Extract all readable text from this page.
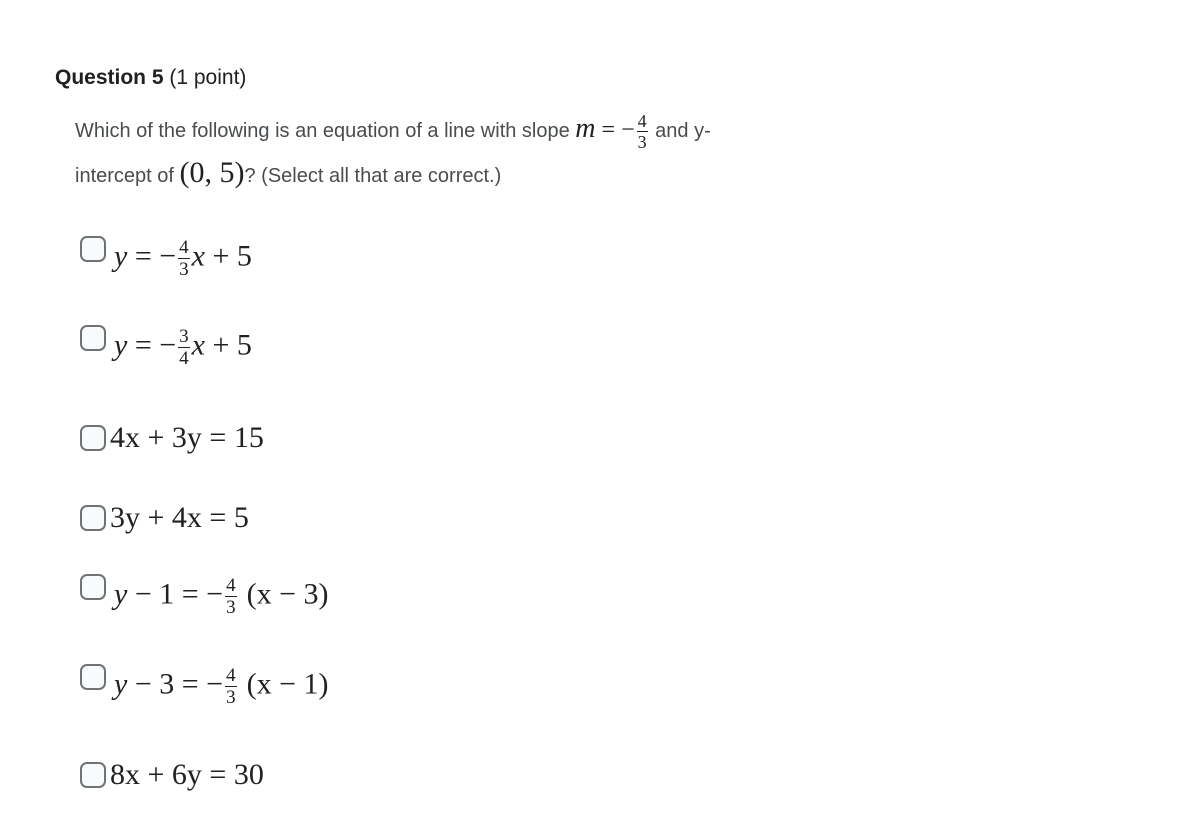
Question 5 (1 point)
Which of the following is an equation of a line with slope m = − $\frac{4}{3}$ and y-
intercept of (0, 5)? (Select all that are correct.)
y = − $\frac{4}{3}$ x + 5
y = − $\frac{3}{4}$ x + 5
4x + 3y = 15
3y + 4x = 5
y − 1 = − $\frac{4}{3} (x - 3)$
y − 3 = − $\frac{4}{3} (x - 1)$
8x + 6y = 30
